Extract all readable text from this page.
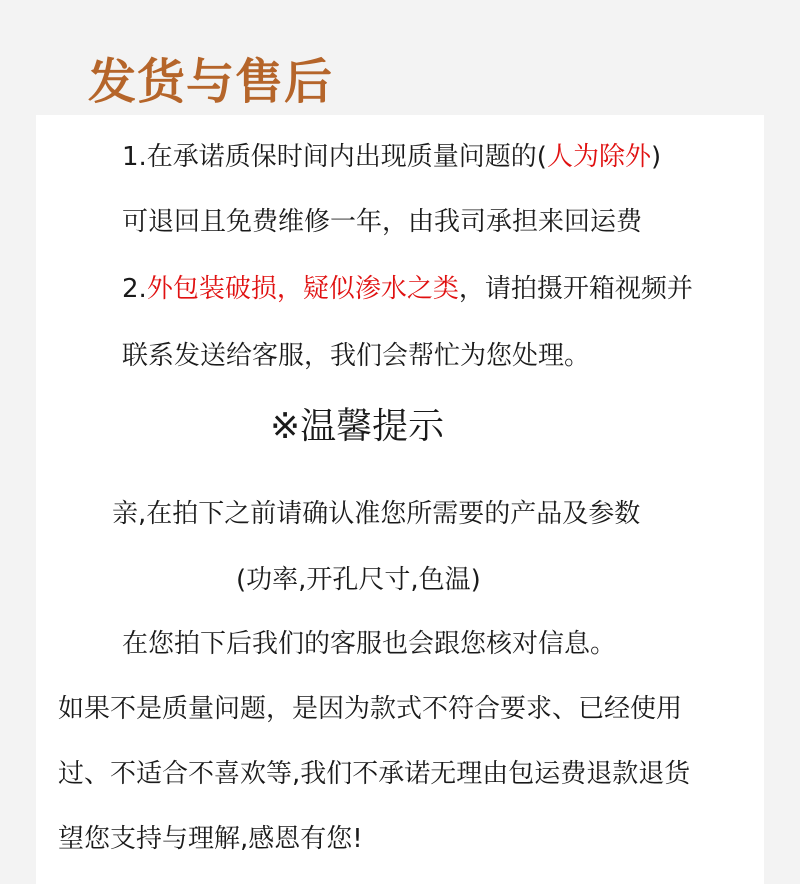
发货与售后
1.在承诺质保时间内出现质量问题的(人为除外)
可退回且免费维修一年，由我司承担来回运费
2.外包装破损，疑似渗水之类，请拍摄开箱视频并
联系发送给客服，我们会帮忙为您处理。
※温馨提示
亲,在拍下之前请确认准您所需要的产品及参数
(功率,开孔尺寸,色温)
在您拍下后我们的客服也会跟您核对信息。
如果不是质量问题，是因为款式不符合要求、已经使用
过、不适合不喜欢等,我们不承诺无理由包运费退款退货
望您支持与理解,感恩有您!
